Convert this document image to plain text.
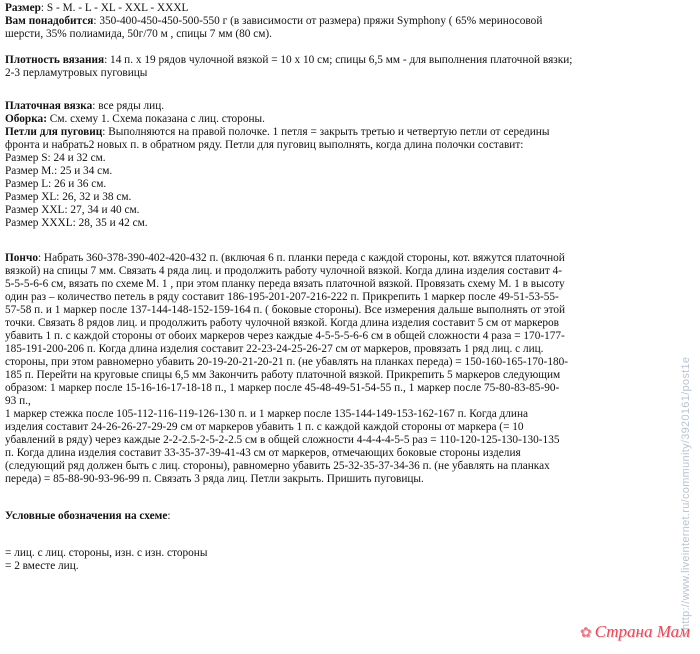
Размер: S - M. - L - XL - XXL - XXXL
Вам понадобится: 350-400-450-450-500-550 г (в зависимости от размера) пряжи Symphony ( 65% мериносовой
шерсти, 35% полиамида, 50г/70 м , спицы 7 мм (80 см).
Плотность вязания: 14 п. х 19 рядов чулочной вязкой = 10 х 10 см; спицы 6,5 мм - для выполнения платочной вязки;
2-3 перламутровых пуговицы
Платочная вязка: все ряды лиц.
Оборка: См. схему 1. Схема показана с лиц. стороны.
Петли для пуговиц: Выполняются на правой полочке. 1 петля = закрыть третью и четвертую петли от середины
фронта и набрать2 новых п. в обратном ряду. Петли для пуговиц выполнять, когда длина полочки составит:
Размер S: 24 и 32 см.
Размер M.: 25 и 34 см.
Размер L: 26 и 36 см.
Размер XL: 26, 32 и 38 см.
Размер XXL: 27, 34 и 40 см.
Размер XXXL: 28, 35 и 42 см.
Пончо: Набрать 360-378-390-402-420-432 п. (включая 6 п. планки переда с каждой стороны, кот. вяжутся платочной
вязкой) на спицы 7 мм. Связать 4 ряда лиц. и продолжить работу чулочной вязкой. Когда длина изделия составит 4-
5-5-5-6-6 см, вязать по схеме М. 1 , при этом планку переда вязать платочной вязкой. Провязать схему М. 1 в высоту
один раз – количество петель в ряду составит 186-195-201-207-216-222 п. Прикрепить 1 маркер после 49-51-53-55-
57-58 п. и 1 маркер после 137-144-148-152-159-164 п. ( боковые стороны). Все измерения дальше выполнять от этой
точки. Связать 8 рядов лиц. и продолжить работу чулочной вязкой. Когда длина изделия составит 5 см от маркеров
убавить 1 п. с каждой стороны от обоих маркеров через каждые 4-5-5-5-6-6 см в общей сложности 4 раза = 170-177-
185-191-200-206 п. Когда длина изделия составит 22-23-24-25-26-27 см от маркеров, провязать 1 ряд лиц. с лиц.
стороны, при этом равномерно убавить 20-19-20-21-20-21 п. (не убавлять на планках переда) = 150-160-165-170-180-
185 п. Перейти на круговые спицы 6,5 мм Закончить работу платочной вязкой. Прикрепить 5 маркеров следующим
образом: 1 маркер после 15-16-16-17-18-18 п., 1 маркер после 45-48-49-51-54-55 п., 1 маркер после 75-80-83-85-90-
93 п.,
1 маркер стежка после 105-112-116-119-126-130 п. и 1 маркер после 135-144-149-153-162-167 п. Когда длина
изделия составит 24-26-26-27-29-29 см от маркеров убавить 1 п. с каждой каждой стороны от маркера (= 10
убавлений в ряду) через каждые 2-2-2.5-2-5-2-2.5 см в общей сложности 4-4-4-4-5-5 раз = 110-120-125-130-130-135
п. Когда длина изделия составит 33-35-37-39-41-43 см от маркеров, отмечающих боковые стороны изделия
(следующий ряд должен быть с лиц. стороны), равномерно убавить 25-32-35-37-34-36 п. (не убавлять на планках
переда) = 85-88-90-93-96-99 п. Связать 3 ряда лиц. Петли закрыть. Пришить пуговицы.
Условные обозначения на схеме:
= лиц. с лиц. стороны, изн. с изн. стороны
= 2 вместе лиц.	http://www.liveinternet.ru/community/3920161/post1e
✿ Страна Мам
